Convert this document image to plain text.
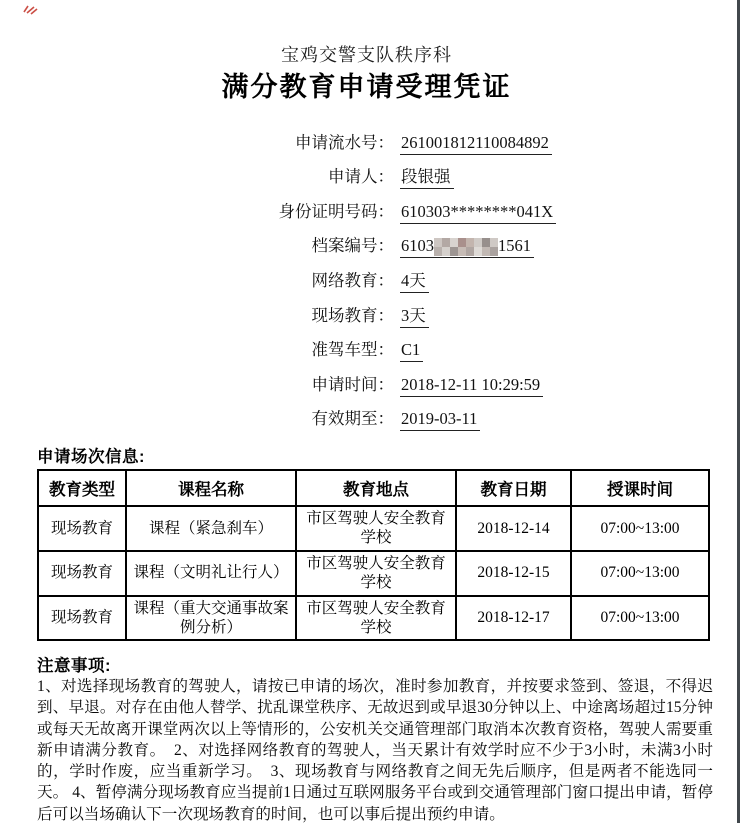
宝鸡交警支队秩序科
满分教育申请受理凭证
申请流水号： 261001812110084892
申请人： 段银强
身份证明号码： 610303********041X
档案编号： 6103	1561
网络教育： 4天
现场教育： 3天
准驾车型： C1
申请时间： 2018-12-11 10:29:59
有效期至： 2019-03-11
申请场次信息:
教育类型	课程名称	教育地点	教育日期	授课时间
现场教育	课程（紧急刹车）	市区驾驶人安全教育学校	2018-12-14	07:00~13:00
现场教育	课程（文明礼让行人）	市区驾驶人安全教育学校	2018-12-15	07:00~13:00
现场教育	课程（重大交通事故案例分析）	市区驾驶人安全教育学校	2018-12-17	07:00~13:00
注意事项:
1、对选择现场教育的驾驶人，请按已申请的场次，准时参加教育，并按要求签到、签退，不得迟到、早退。对存在由他人替学、扰乱课堂秩序、无故迟到或早退30分钟以上、中途离场超过15分钟或每天无故离开课堂两次以上等情形的，公安机关交通管理部门取消本次教育资格，驾驶人需要重新申请满分教育。　2、对选择网络教育的驾驶人，当天累计有效学时应不少于3小时，未满3小时的，学时作废，应当重新学习。　3、现场教育与网络教育之间无先后顺序，但是两者不能选同一天。 4、暂停满分现场教育应当提前1日通过互联网服务平台或到交通管理部门窗口提出申请，暂停后可以当场确认下一次现场教育的时间，也可以事后提出预约申请。
